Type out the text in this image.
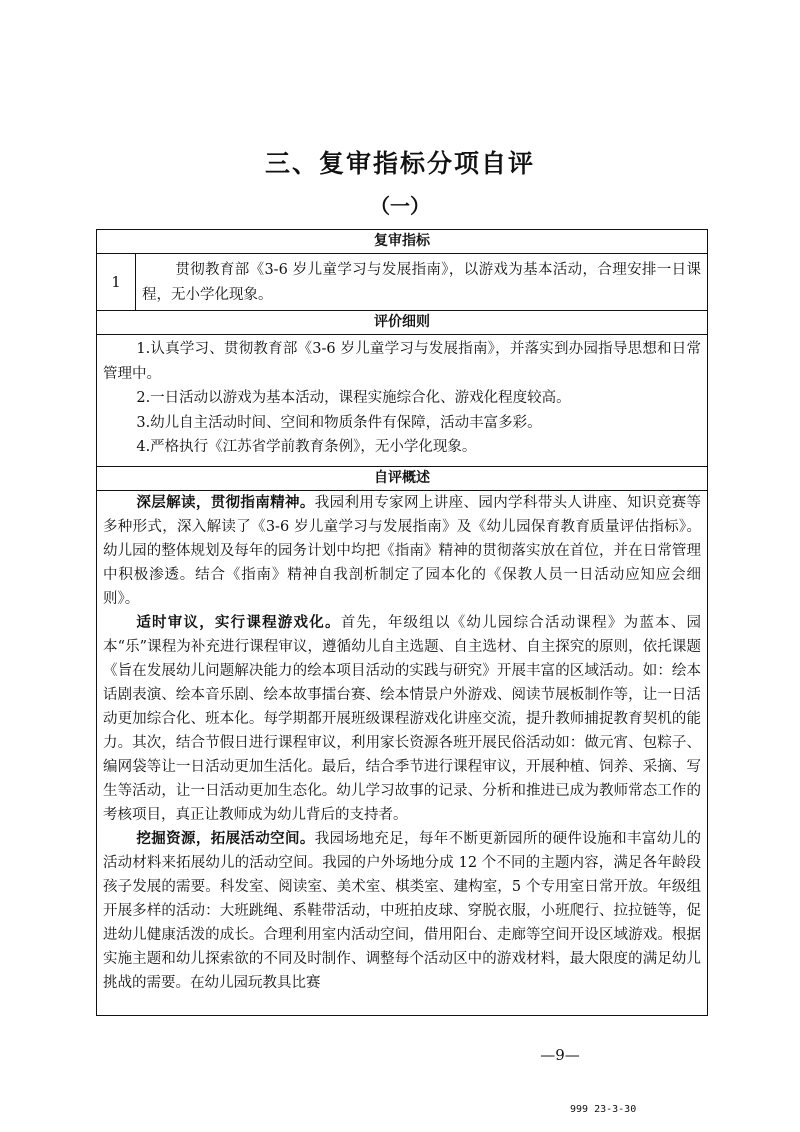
三、复审指标分项自评
（一）
复审指标
1
贯彻教育部《3-6 岁儿童学习与发展指南》，以游戏为基本活动，合理安排一日课程，无小学化现象。
评价细则
1.认真学习、贯彻教育部《3-6 岁儿童学习与发展指南》，并落实到办园指导思想和日常管理中。
2.一日活动以游戏为基本活动，课程实施综合化、游戏化程度较高。
3.幼儿自主活动时间、空间和物质条件有保障，活动丰富多彩。
4.严格执行《江苏省学前教育条例》，无小学化现象。
自评概述

深层解读，贯彻指南精神。我园利用专家网上讲座、园内学科带头人讲座、知识竞赛等多种形式，深入解读了《3-6 岁儿童学习与发展指南》及《幼儿园保育教育质量评估指标》。幼儿园的整体规划及每年的园务计划中均把《指南》精神的贯彻落实放在首位，并在日常管理中积极渗透。结合《指南》精神自我剖析制定了园本化的《保教人员一日活动应知应会细则》。

适时审议，实行课程游戏化。首先，年级组以《幼儿园综合活动课程》为蓝本、园本“乐”课程为补充进行课程审议，遵循幼儿自主选题、自主选材、自主探究的原则，依托课题《旨在发展幼儿问题解决能力的绘本项目活动的实践与研究》开展丰富的区域活动。如：绘本话剧表演、绘本音乐剧、绘本故事擂台赛、绘本情景户外游戏、阅读节展板制作等，让一日活动更加综合化、班本化。每学期都开展班级课程游戏化讲座交流，提升教师捕捉教育契机的能力。其次，结合节假日进行课程审议，利用家长资源各班开展民俗活动如：做元宵、包粽子、编网袋等让一日活动更加生活化。最后，结合季节进行课程审议，开展种植、饲养、采摘、写生等活动，让一日活动更加生态化。幼儿学习故事的记录、分析和推进已成为教师常态工作的考核项目，真正让教师成为幼儿背后的支持者。

挖掘资源，拓展活动空间。我园场地充足，每年不断更新园所的硬件设施和丰富幼儿的活动材料来拓展幼儿的活动空间。我园的户外场地分成 12 个不同的主题内容，满足各年龄段孩子发展的需要。科发室、阅读室、美术室、棋类室、建构室，5 个专用室日常开放。年级组开展多样的活动：大班跳绳、系鞋带活动，中班拍皮球、穿脱衣服，小班爬行、拉拉链等，促进幼儿健康活泼的成长。合理利用室内活动空间，借用阳台、走廊等空间开设区域游戏。根据实施主题和幼儿探索欲的不同及时制作、调整每个活动区中的游戏材料，最大限度的满足幼儿挑战的需要。在幼儿园玩教具比赛

—9—
999 23-3-30
